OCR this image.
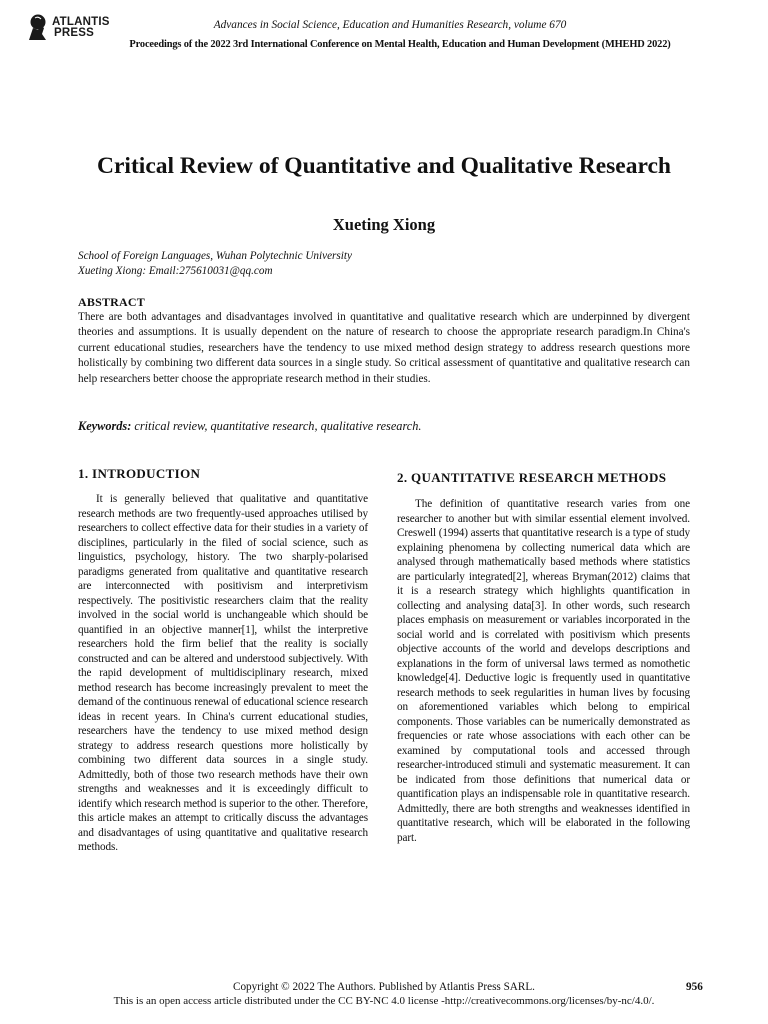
ATLANTIS
PRESS
Advances in Social Science, Education and Humanities Research, volume 670
Proceedings of the 2022 3rd International Conference on Mental Health, Education and Human Development (MHEHD 2022)
Critical Review of Quantitative and Qualitative Research
Xueting Xiong
School of Foreign Languages, Wuhan Polytechnic University
Xueting Xiong: Email:275610031@qq.com
ABSTRACT
There are both advantages and disadvantages involved in quantitative and qualitative research which are underpinned by divergent theories and assumptions. It is usually dependent on the nature of research to choose the appropriate research paradigm.In China's current educational studies, researchers have the tendency to use mixed method design strategy to address research questions more holistically by combining two different data sources in a single study. So critical assessment of quantitative and qualitative research can help researchers better choose the appropriate research method in their studies.
Keywords: critical review, quantitative research, qualitative research.
1. INTRODUCTION
It is generally believed that qualitative and quantitative research methods are two frequently-used approaches utilised by researchers to collect effective data for their studies in a variety of disciplines, particularly in the filed of social science, such as linguistics, psychology, history. The two sharply-polarised paradigms generated from qualitative and quantitative research are interconnected with positivism and interpretivism respectively. The positivistic researchers claim that the reality involved in the social world is unchangeable which should be quantified in an objective manner[1], whilst the interpretive researchers hold the firm belief that the reality is socially constructed and can be altered and understood subjectively. With the rapid development of multidisciplinary research, mixed method research has become increasingly prevalent to meet the demand of the continuous renewal of educational science research ideas in recent years. In China's current educational studies, researchers have the tendency to use mixed method design strategy to address research questions more holistically by combining two different data sources in a single study. Admittedly, both of those two research methods have their own strengths and weaknesses and it is exceedingly difficult to identify which research method is superior to the other. Therefore, this article makes an attempt to critically discuss the advantages and disadvantages of using quantitative and qualitative research methods.
2. QUANTITATIVE RESEARCH METHODS
The definition of quantitative research varies from one researcher to another but with similar essential element involved. Creswell (1994) asserts that quantitative research is a type of study explaining phenomena by collecting numerical data which are analysed through mathematically based methods where statistics are particularly integrated[2], whereas Bryman(2012) claims that it is a research strategy which highlights quantification in collecting and analysing data[3]. In other words, such research places emphasis on measurement or variables incorporated in the social world and is correlated with positivism which presents objective accounts of the world and develops descriptions and explanations in the form of universal laws termed as nomothetic knowledge[4]. Deductive logic is frequently used in quantitative research methods to seek regularities in human lives by focusing on aforementioned variables which belong to empirical components. Those variables can be numerically demonstrated as frequencies or rate whose associations with each other can be examined by computational tools and accessed through researcher-introduced stimuli and systematic measurement. It can be indicated from those definitions that numerical data or quantification plays an indispensable role in quantitative research. Admittedly, there are both strengths and weaknesses identified in quantitative research, which will be elaborated in the following part.
Copyright © 2022 The Authors. Published by Atlantis Press SARL.	956
This is an open access article distributed under the CC BY-NC 4.0 license -http://creativecommons.org/licenses/by-nc/4.0/.
